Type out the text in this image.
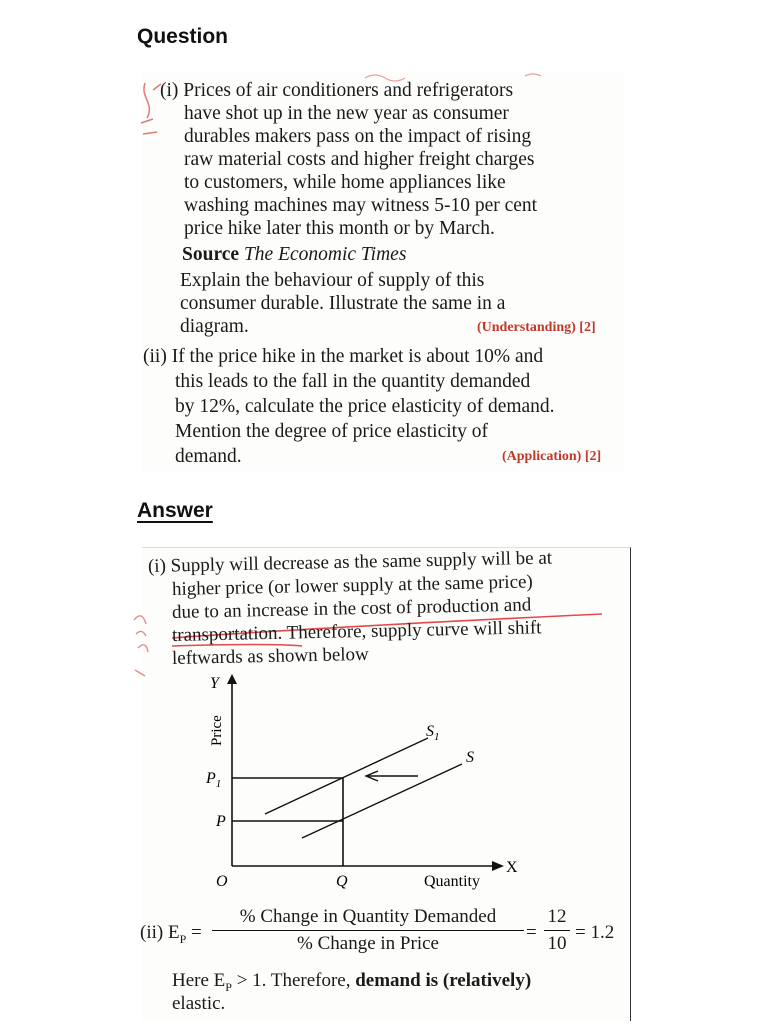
Question
Answer
(i) Prices of air conditioners and refrigerators
have shot up in the new year as consumer
durables makers pass on the impact of rising
raw material costs and higher freight charges
to customers, while home appliances like
washing machines may witness 5-10 per cent
price hike later this month or by March.
Source The Economic Times
Explain the behaviour of supply of this
consumer durable. Illustrate the same in a
diagram.	(Understanding) [2]
(ii) If the price hike in the market is about 10% and
this leads to the fall in the quantity demanded
by 12%, calculate the price elasticity of demand.
Mention the degree of price elasticity of
demand.	(Application) [2]
(i) Supply will decrease as the same supply will be at
higher price (or lower supply at the same price)
due to an increase in the cost of production and
transportation. Therefore, supply curve will shift
leftwards as shown below
Y
Price
$P_1$
P
O	Q	Quantity
X
$S_1$
S
(ii) $E_P$ =
% Change in Quantity Demanded
% Change in Price
=
12
10
= 1.2
Here $E_P > 1$. Therefore, demand is (relatively)
elastic.
